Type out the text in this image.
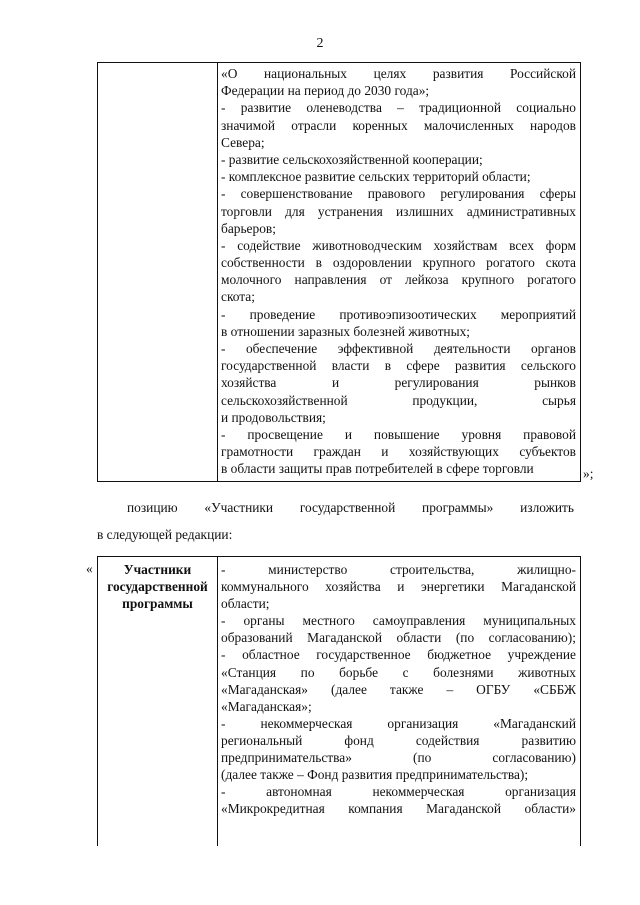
2
«О национальных целях развития Российской
Федерации на период до 2030 года»;
- развитие оленеводства – традиционной социально
значимой отрасли коренных малочисленных народов
Севера;
- развитие сельскохозяйственной кооперации;
- комплексное развитие сельских территорий области;
- совершенствование правового регулирования сферы
торговли для устранения излишних административных
барьеров;
- содействие животноводческим хозяйствам всех форм
собственности в оздоровлении крупного рогатого скота
молочного направления от лейкоза крупного рогатого
скота;
- проведение противоэпизоотических мероприятий
в отношении заразных болезней животных;
- обеспечение эффективной деятельности органов
государственной власти в сфере развития сельского
хозяйства и регулирования рынков
сельскохозяйственной продукции, сырья
и продовольствия;
- просвещение и повышение уровня правовой
грамотности граждан и хозяйствующих субъектов
в области защиты прав потребителей в сфере торговли	»;
позицию «Участники государственной программы» изложить
в следующей редакции:
«	Участники
государственной
программы
- министерство строительства, жилищно-
коммунального хозяйства и энергетики Магаданской
области;
- органы местного самоуправления муниципальных
образований Магаданской области (по согласованию);
- областное государственное бюджетное учреждение
«Станция по борьбе с болезнями животных
«Магаданская» (далее также – ОГБУ «СББЖ
«Магаданская»;
- некоммерческая организация «Магаданский
региональный фонд содействия развитию
предпринимательства» (по согласованию)
(далее также – Фонд развития предпринимательства);
- автономная некоммерческая организация
«Микрокредитная компания Магаданской области»
